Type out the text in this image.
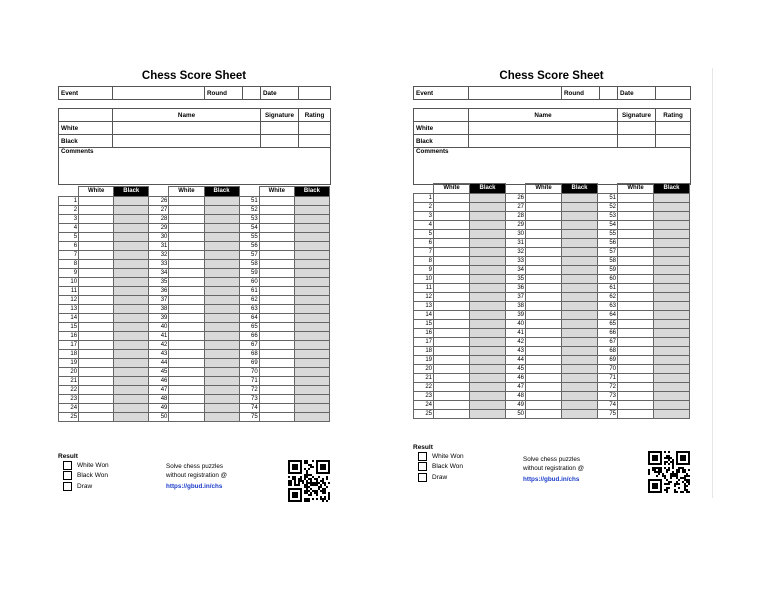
Chess Score Sheet
Event		Round		Date	

	Name			Signature	Rating
White					
Black					
Comments					
	White	Black		White	Black		White	Black
1			26			51		
2			27			52		
3			28			53		
4			29			54		
5			30			55		
6			31			56		
7			32			57		
8			33			58		
9			34			59		
10			35			60		
11			36			61		
12			37			62		
13			38			63		
14			39			64		
15			40			65		
16			41			66		
17			42			67		
18			43			68		
19			44			69		
20			45			70		
21			46			71		
22			47			72		
23			48			73		
24			49			74		
25			50			75		
Result
White Won
Black Won
Draw
Solve chess puzzles
without registration @
https://gbud.in/chs
Chess Score Sheet
Event		Round		Date	

	Name			Signature	Rating
White					
Black					
Comments					
	White	Black		White	Black		White	Black
1			26			51		
2			27			52		
3			28			53		
4			29			54		
5			30			55		
6			31			56		
7			32			57		
8			33			58		
9			34			59		
10			35			60		
11			36			61		
12			37			62		
13			38			63		
14			39			64		
15			40			65		
16			41			66		
17			42			67		
18			43			68		
19			44			69		
20			45			70		
21			46			71		
22			47			72		
23			48			73		
24			49			74		
25			50			75		
Result
White Won
Black Won
Draw
Solve chess puzzles
without registration @
https://gbud.in/chs
